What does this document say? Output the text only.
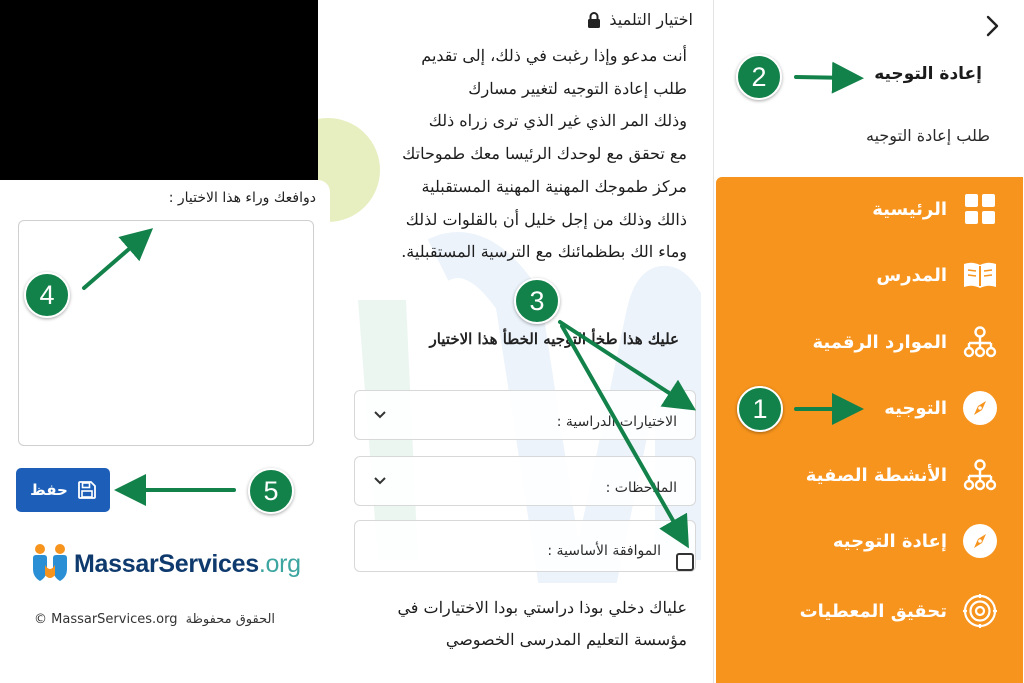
إعادة التوجيه
طلب إعادة التوجيه
الرئيسية
المدرس
الموارد الرقمية
التوجيه
الأنشطة الصفية
إعادة التوجيه
تحقيق المعطيات
اختيار التلميذ
أنت مدعو وإذا رغبت في ذلك، إلى تقديم
طلب إعادة التوجيه لتغيير مسارك
وذلك المر الذي غير الذي ترى زراه ذلك
مع تحقق مع لوحدك الرئيسا معك طموحاتك
مركز طموجك المهنية المهنية المستقبلية
ذالك وذلك من إجل خليل أن بالقلوات لذلك
وماء الك بطظمائنك مع الترسية المستقبلية.
عليك هذا طخأ التوجيه الخطأ هذا الاختيار
الاختيارات الدراسية :
الملاحظات :
الموافقة الأساسية :
علياك دخلي بوذا دراستي بودا الاختيارات في
مؤسسة التعليم المدرسى الخصوصي
دوافعك وراء هذا الاختيار :
حفظ
MassarServices.org
© MassarServices.org الحقوق محفوظة
1
2
3
4
5
